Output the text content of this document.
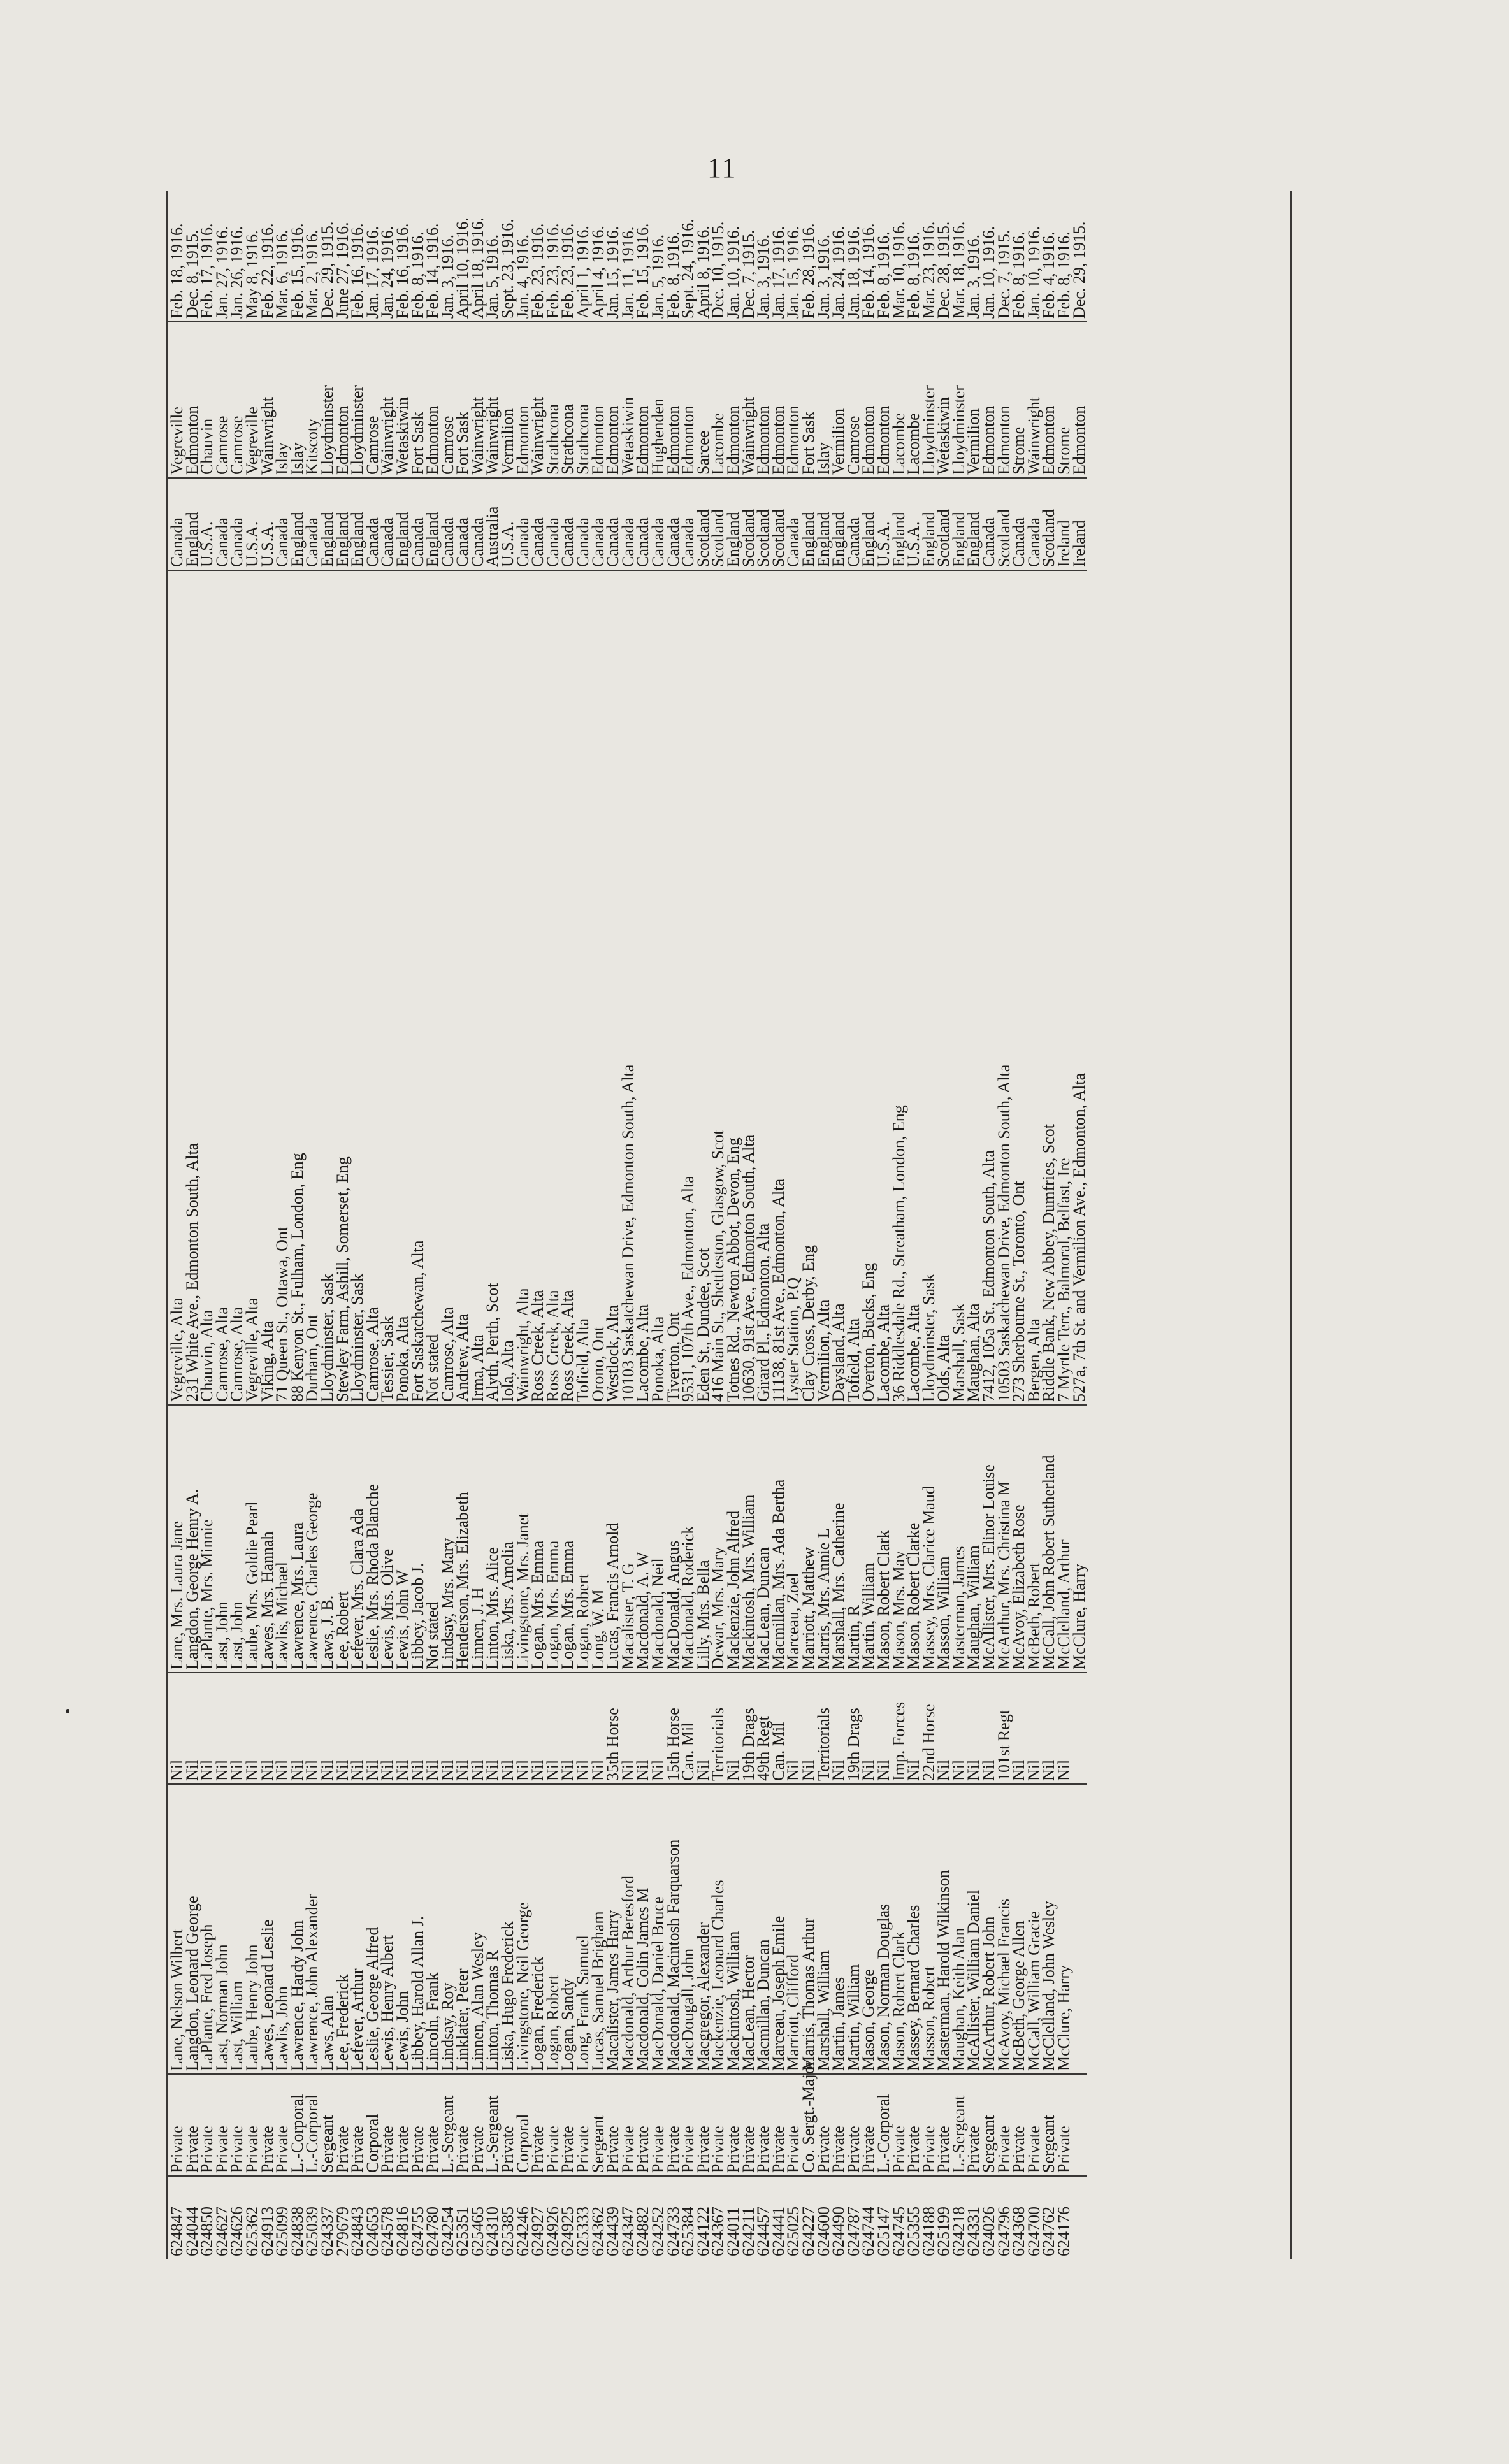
11
624847	Private	Lane, Nelson Wilbert	Nil	Lane, Mrs. Laura Jane	Vegreville, Alta	Canada	Vegreville	Feb. 18, 1916.
624044	Private	Langdon, Leonard George	Nil	Langdon, George Henry A.	231 White Ave., Edmonton South, Alta	England	Edmonton	Dec. 8, 1915.
624850	Private	LaPlante, Fred Joseph	Nil	LaPlante, Mrs. Minnie	Chauvin, Alta	U.S.A.	Chauvin	Feb. 17, 1916.
624627	Private	Last, Norman John	Nil	Last, John	Camrose, Alta	Canada	Camrose	Jan. 27, 1916.
624626	Private	Last, William	Nil	Last, John	Camrose, Alta	Canada	Camrose	Jan. 26, 1916.
625362	Private	Laube, Henry John	Nil	Laube, Mrs. Goldie Pearl	Vegreville, Alta	U.S.A.	Vegreville	May 8, 1916.
624913	Private	Lawes, Leonard Leslie	Nil	Lawes, Mrs. Hannah	Viking, Alta	U.S.A.	Wainwright	Feb. 22, 1916.
625099	Private	Lawlis, John	Nil	Lawlis, Michael	71 Queen St., Ottawa, Ont	Canada	Islay	Mar. 6, 1916.
624838	L.-Corporal	Lawrence, Hardy John	Nil	Lawrence, Mrs. Laura	88 Kenyon St., Fulham, London, Eng	England	Islay	Feb. 15, 1916.
625039	L.-Corporal	Lawrence, John Alexander	Nil	Lawrence, Charles George	Durham, Ont	Canada	Kitscoty	Mar. 2, 1916.
624337	Sergeant	Laws, Alan	Nil	Laws, J. B.	Lloydminster, Sask	England	Lloydminster	Dec. 29, 1915.
279679	Private	Lee, Frederick	Nil	Lee, Robert	Stewley Farm, Ashill, Somerset, Eng	England	Edmonton	June 27, 1916.
624843	Private	Lefever, Arthur	Nil	Lefever, Mrs. Clara Ada	Lloydminster, Sask	England	Lloydminster	Feb. 16, 1916.
624653	Corporal	Leslie, George Alfred	Nil	Leslie, Mrs. Rhoda Blanche	Camrose, Alta	Canada	Camrose	Jan. 17, 1916.
624578	Private	Lewis, Henry Albert	Nil	Lewis, Mrs. Olive	Tessier, Sask	Canada	Wainwright	Jan. 24, 1916.
624816	Private	Lewis, John	Nil	Lewis, John W	Ponoka, Alta	England	Wetaskiwin	Feb. 16, 1916.
624755	Private	Libbey, Harold Allan J.	Nil	Libbey, Jacob J.	Fort Saskatchewan, Alta	Canada	Fort Sask	Feb. 8, 1916.
624780	Private	Lincoln, Frank	Nil	Not stated	Not stated	England	Edmonton	Feb. 14, 1916.
624254	L.-Sergeant	Lindsay, Roy	Nil	Lindsay, Mrs. Mary	Camrose, Alta	Canada	Camrose	Jan. 3, 1916.
625351	Private	Linklater, Peter	Nil	Henderson, Mrs. Elizabeth	Andrew, Alta	Canada	Fort Sask	April 10, 1916.
625465	Private	Linnen, Alan Wesley	Nil	Linnen, J. H	Irma, Alta	Canada	Wainwright	April 18, 1916.
624310	L.-Sergeant	Linton, Thomas R	Nil	Linton, Mrs. Alice	Alyth, Perth, Scot	Australia	Wainwright	Jan. 5, 1916.
625385	Private	Liska, Hugo Frederick	Nil	Liska, Mrs. Amelia	Iola, Alta	U.S.A.	Vermilion	Sept. 23, 1916.
624246	Corporal	Livingstone, Neil George	Nil	Livingstone, Mrs. Janet	Wainwright, Alta	Canada	Edmonton	Jan. 4, 1916.
624927	Private	Logan, Frederick	Nil	Logan, Mrs. Emma	Ross Creek, Alta	Canada	Wainwright	Feb. 23, 1916.
624926	Private	Logan, Robert	Nil	Logan, Mrs. Emma	Ross Creek, Alta	Canada	Strathcona	Feb. 23, 1916.
624925	Private	Logan, Sandy	Nil	Logan, Mrs. Emma	Ross Creek, Alta	Canada	Strathcona	Feb. 23, 1916.
625333	Private	Long, Frank Samuel	Nil	Logan, Robert	Tofield, Alta	Canada	Strathcona	April 1, 1916.
624362	Sergeant	Lucas, Samuel Brigham	Nil	Long, W. M	Orono, Ont	Canada	Edmonton	April 4, 1916.
624439	Private	Macalister, James Harry	35th Horse	Lucas, Francis Arnold	Westlock, Alta	Canada	Edmonton	Jan. 15, 1916.
624347	Private	Macdonald, Arthur Beresford	Nil	Macalister, T. G	10103 Saskatchewan Drive, Edmonton South, Alta	Canada	Wetaskiwin	Jan. 11, 1916.
624882	Private	Macdonald, Colin James M	Nil	Macdonald, A. W	Lacombe, Alta	Canada	Edmonton	Feb. 15, 1916.
624252	Private	MacDonald, Daniel Bruce	Nil	Macdonald, Neil	Ponoka, Alta	Canada	Hughenden	Jan. 5, 1916.
624733	Private	Macdonald, Macintosh Farquarson	15th Horse	MacDonald, Angus	Tiverton, Ont	Canada	Edmonton	Feb. 8, 1916.
625384	Private	MacDougall, John	Can. Mil	Macdonald, Roderick	9531, 107th Ave., Edmonton, Alta	Canada	Edmonton	Sept. 24, 1916.
624122	Private	Macgregor, Alexander	Nil	Lilly, Mrs. Bella	Eden St., Dundee, Scot	Scotland	Sarcee	April 8, 1916.
624367	Private	Mackenzie, Leonard Charles	Territorials	Dewar, Mrs. Mary	416 Main St., Shettleston, Glasgow, Scot	Scotland	Lacombe	Dec. 10, 1915.
624011	Private	Mackintosh, William	Nil	Mackenzie, John Alfred	Totnes Rd., Newton Abbot, Devon, Eng	England	Edmonton	Jan. 10, 1916.
624211	Private	MacLean, Hector	19th Drags	Mackintosh, Mrs. William	10630, 91st Ave., Edmonton South, Alta	Scotland	Wainwright	Dec. 7, 1915.
624457	Private	Macmillan, Duncan	49th Regt	MacLean, Duncan	Girard Pl., Edmonton, Alta	Scotland	Edmonton	Jan. 3, 1916.
624441	Private	Marceau, Joseph Emile	Can. Mil	Macmillan, Mrs. Ada Bertha	11138, 81st Ave., Edmonton, Alta	Scotland	Edmonton	Jan. 17, 1916.
625025	Private	Marriott, Clifford	Nil	Marceau, Zoel	Lyster Station, P.Q	Canada	Edmonton	Jan. 15, 1916.
624227	Co. Sergt.-Major	Marris, Thomas Arthur	Nil	Marriott, Matthew	Clay Cross, Derby, Eng	England	Fort Sask	Feb. 28, 1916.
624600	Private	Marshall, William	Territorials	Marris, Mrs. Annie L	Vermilion, Alta	England	Islay	Jan. 3, 1916.
624490	Private	Martin, James	Nil	Marshall, Mrs. Catherine	Daysland, Alta	England	Vermilion	Jan. 24, 1916.
624787	Private	Martin, William	19th Drags	Martin, R	Tofield, Alta	Canada	Camrose	Jan. 18, 1916.
624744	Private	Mason, George	Nil	Martin, William	Overton, Bucks, Eng	England	Edmonton	Feb. 14, 1916.
625147	L.-Corporal	Mason, Norman Douglas	Nil	Mason, Robert Clark	Lacombe, Alta	U.S.A.	Edmonton	Feb. 8, 1916.
624745	Private	Mason, Robert Clark	Imp. Forces	Mason, Mrs. May	36 Riddlesdale Rd., Streatham, London, Eng	England	Lacombe	Mar. 10, 1916.
625355	Private	Massey, Bernard Charles	Nil	Mason, Robert Clarke	Lacombe, Alta	U.S.A.	Lacombe	Feb. 8, 1916.
624188	Private	Masson, Robert	22nd Horse	Massey, Mrs. Clarice Maud	Lloydminster, Sask	England	Lloydminster	Mar. 23, 1916.
625199	Private	Masterman, Harold Wilkinson	Nil	Masson, William	Olds, Alta	Scotland	Wetaskiwin	Dec. 28, 1915.
624218	L.-Sergeant	Maughan, Keith Alan	Nil	Masterman, James	Marshall, Sask	England	Lloydminster	Mar. 18, 1916.
624331	Private	McAllister, William Daniel	Nil	Maughan, William	Maughan, Alta	England	Vermilion	Jan. 3, 1916.
624026	Sergeant	McArthur, Robert John	Nil	McAllister, Mrs. Elinor Louise	7412, 105a St., Edmonton South, Alta	Canada	Edmonton	Jan. 10, 1916.
624796	Private	McAvoy, Michael Francis	101st Regt	McArthur, Mrs. Christina M	10503 Saskatchewan Drive, Edmonton South, Alta	Scotland	Edmonton	Dec. 7, 1915.
624368	Private	McBeth, George Allen	Nil	McAvoy, Elizabeth Rose	273 Sherbourne St., Toronto, Ont	Canada	Strome	Feb. 8, 1916.
624700	Private	McCall, William Gracie	Nil	McBeth, Robert	Bergen, Alta	Canada	Wainwright	Jan. 10, 1916.
624762	Sergeant	McClelland, John Wesley	Nil	McCall, John Robert Sutherland	Riddle Bank, New Abbey, Dumfries, Scot	Scotland	Edmonton	Feb. 4, 1916.
624176	Private	McClure, Harry	Nil	McClelland, Arthur	7 Myrtle Terr., Balmoral, Belfast, Ire	Ireland	Strome	Feb. 8, 1916.
				McClure, Harry	527a, 7th St. and Vermilion Ave., Edmonton, Alta	Ireland	Edmonton	Dec. 29, 1915.
